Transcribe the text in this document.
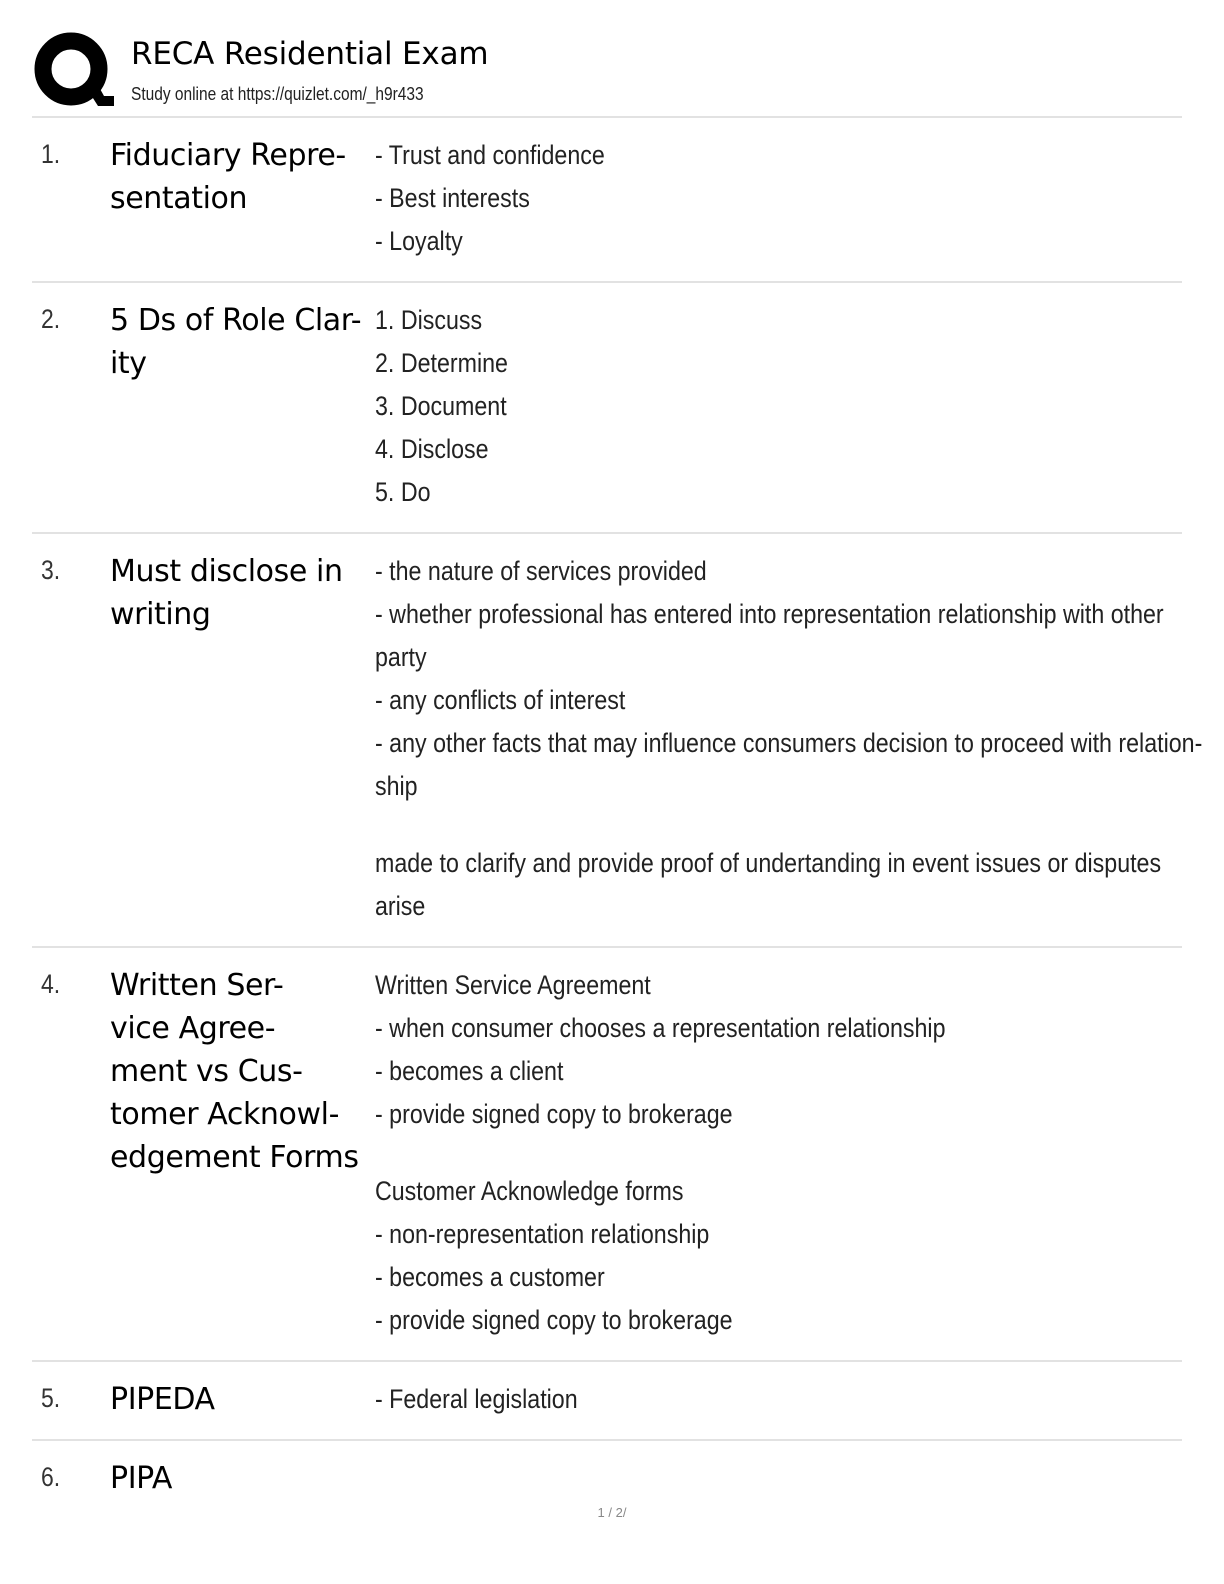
RECA Residential Exam
Study online at https://quizlet.com/_h9r433
1. Fiduciary Repre-
sentation
- Trust and confidence
- Best interests
- Loyalty
2. 5 Ds of Role Clar-
ity
1. Discuss
2. Determine
3. Document
4. Disclose
5. Do
3. Must disclose in
writing
- the nature of services provided
- whether professional has entered into representation relationship with other
party
- any conflicts of interest
- any other facts that may influence consumers decision to proceed with relation-
ship
made to clarify and provide proof of undertanding in event issues or disputes
arise
4. Written Ser-
vice Agree-
ment vs Cus-
tomer Acknowl-
edgement Forms
Written Service Agreement
- when consumer chooses a representation relationship
- becomes a client
- provide signed copy to brokerage
Customer Acknowledge forms
- non-representation relationship
- becomes a customer
- provide signed copy to brokerage
5. PIPEDA	- Federal legislation
6. PIPA
1 / 2/
